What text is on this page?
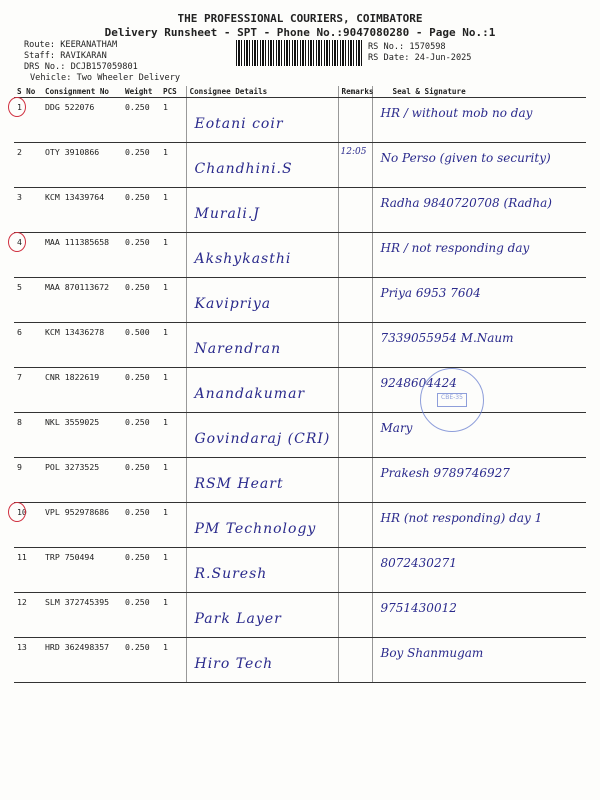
THE PROFESSIONAL COURIERS, COIMBATORE
Delivery Runsheet - SPT - Phone No.:9047080280 - Page No.:1
Route: KEERANATHAM
Staff: RAVIKARAN
DRS No.: DCJB157059801
Vehicle: Two Wheeler Delivery
RS No.: 1570598
RS Date: 24-Jun-2025
S No	Consignment No	Weight	PCS	Consignee Details	Remarks	Seal & Signature
1	DDG 522076	0.250	1	Eotani coir		HR / without mob no day

2	OTY 3910866	0.250	1	Chandhini.S	12:05	No Perso (given to security)

3	KCM 13439764	0.250	1	Murali.J		Radha 9840720708 (Radha)

4	MAA 111385658	0.250	1	Akshykasthi		HR / not responding day

5	MAA 870113672	0.250	1	Kavipriya		Priya 6953 7604

6	KCM 13436278	0.500	1	Narendran		7339055954 M.Naum

7	CNR 1822619	0.250	1	Anandakumar		9248604424

8	NKL 3559025	0.250	1	Govindaraj (CRI)		Mary

9	POL 3273525	0.250	1	RSM Heart		Prakesh 9789746927

10	VPL 952978686	0.250	1	PM Technology		HR (not responding) day 1

11	TRP 750494	0.250	1	R.Suresh		8072430271

12	SLM 372745395	0.250	1	Park Layer		9751430012

13	HRD 362498357	0.250	1	Hiro Tech		Boy Shanmugam
CBE-35
